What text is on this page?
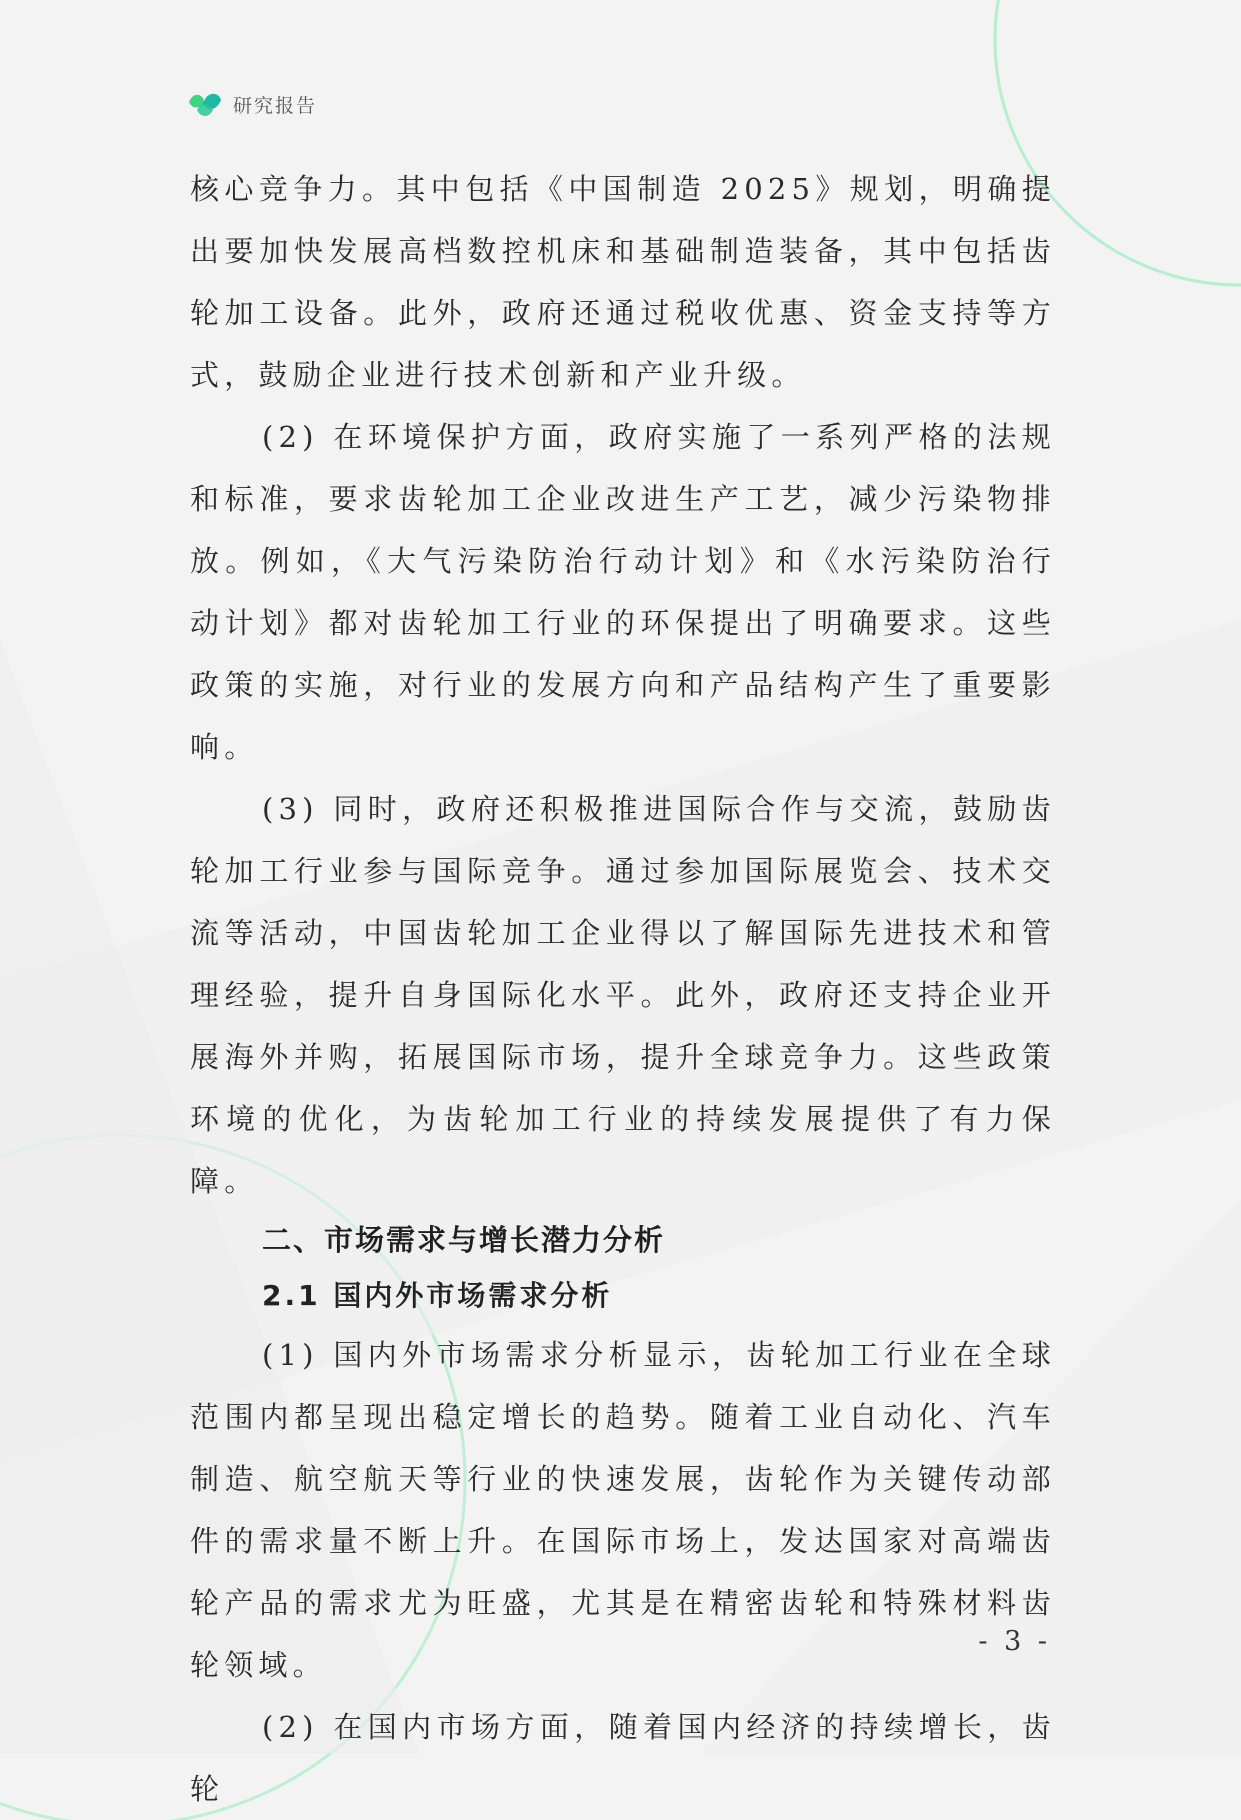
研究报告

核心竞争力。其中包括《中国制造 2025》规划，明确提出要加快发展高档数控机床和基础制造装备，其中包括齿轮加工设备。此外，政府还通过税收优惠、资金支持等方式，鼓励企业进行技术创新和产业升级。

(2) 在环境保护方面，政府实施了一系列严格的法规和标准，要求齿轮加工企业改进生产工艺，减少污染物排放。例如，《大气污染防治行动计划》和《水污染防治行动计划》都对齿轮加工行业的环保提出了明确要求。这些政策的实施，对行业的发展方向和产品结构产生了重要影响。

(3) 同时，政府还积极推进国际合作与交流，鼓励齿轮加工行业参与国际竞争。通过参加国际展览会、技术交流等活动，中国齿轮加工企业得以了解国际先进技术和管理经验，提升自身国际化水平。此外，政府还支持企业开展海外并购，拓展国际市场，提升全球竞争力。这些政策环境的优化，为齿轮加工行业的持续发展提供了有力保障。

二、市场需求与增长潜力分析
2.1 国内外市场需求分析

(1) 国内外市场需求分析显示，齿轮加工行业在全球范围内都呈现出稳定增长的趋势。随着工业自动化、汽车制造、航空航天等行业的快速发展，齿轮作为关键传动部件的需求量不断上升。在国际市场上，发达国家对高端齿轮产品的需求尤为旺盛，尤其是在精密齿轮和特殊材料齿轮领域。

(2) 在国内市场方面，随着国内经济的持续增长，齿轮

- 3 -
